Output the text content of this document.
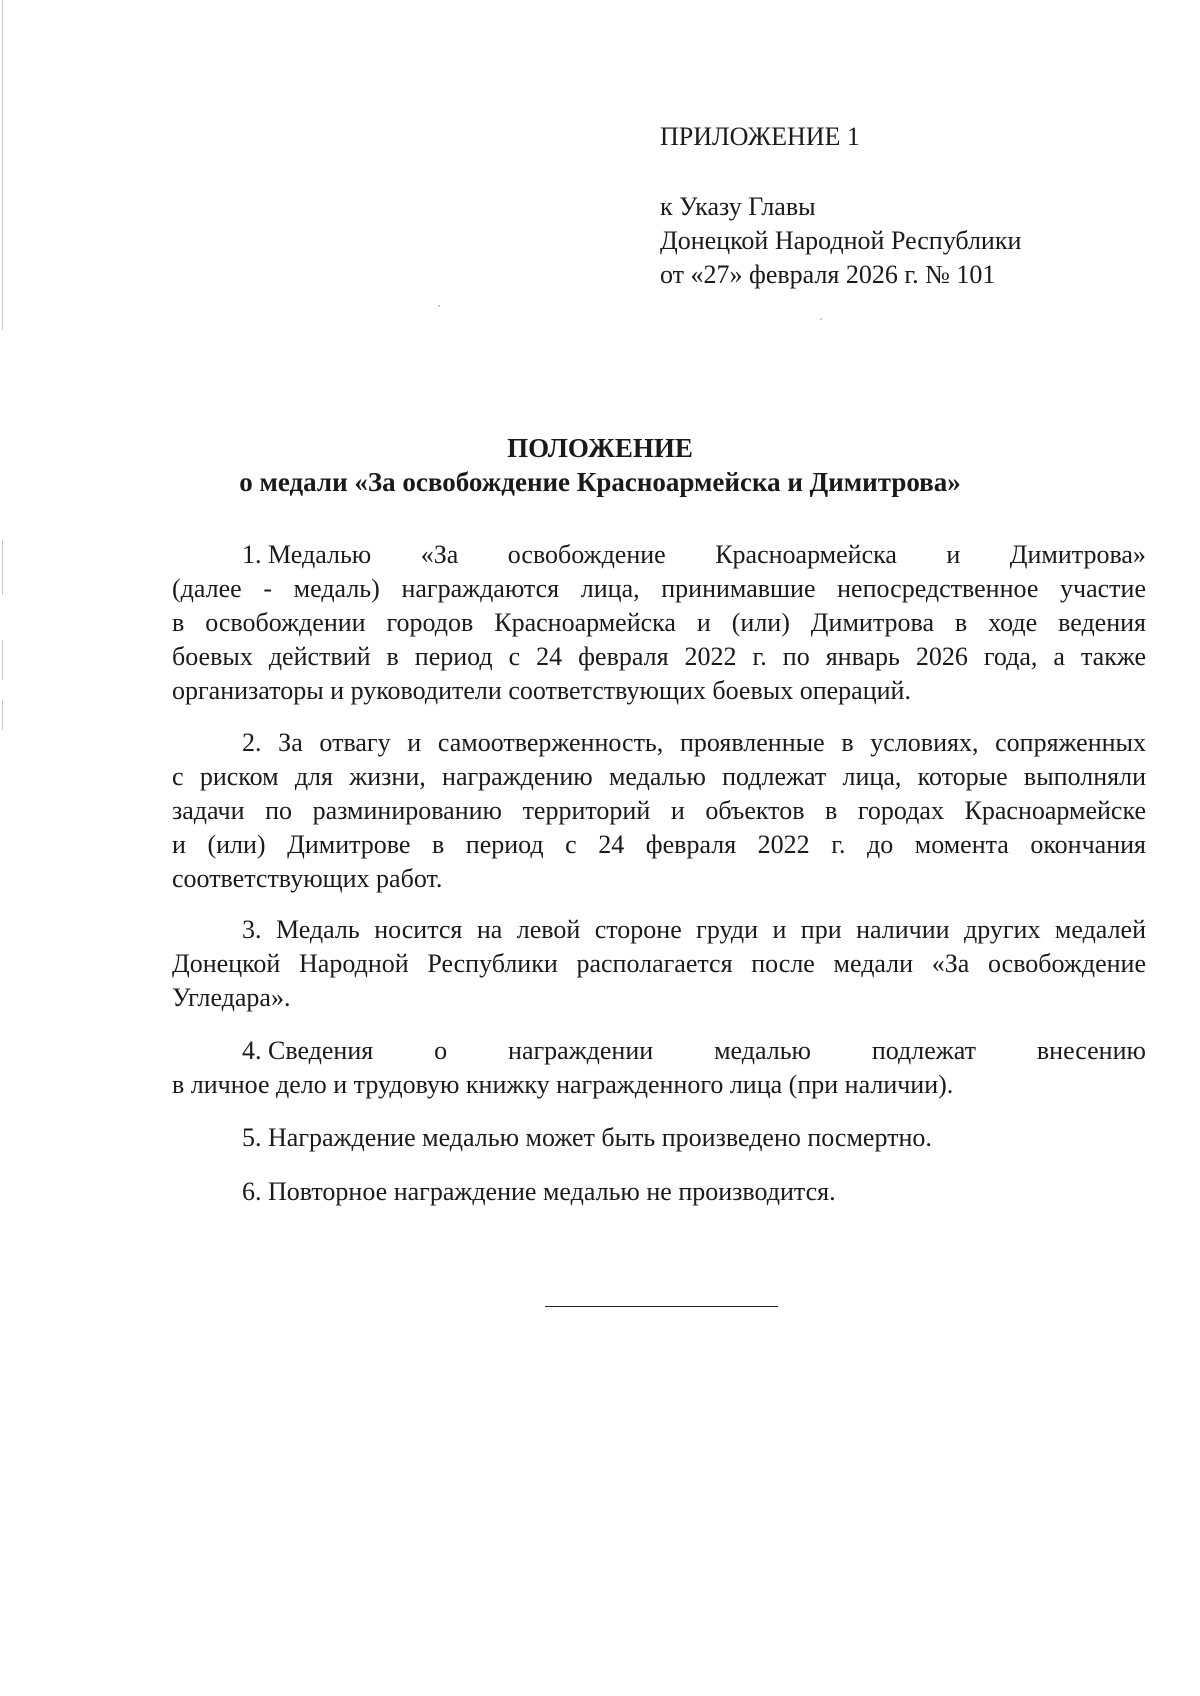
ПРИЛОЖЕНИЕ 1
к Указу Главы
Донецкой Народной Республики
от «27» февраля 2026 г. № 101
ПОЛОЖЕНИЕ
о медали «За освобождение Красноармейска и Димитрова»
1. Медалью «За освобождение Красноармейска и Димитрова»
(далее - медаль) награждаются лица, принимавшие непосредственное участие
в освобождении городов Красноармейска и (или) Димитрова в ходе ведения
боевых действий в период с 24 февраля 2022 г. по январь 2026 года, а также
организаторы и руководители соответствующих боевых операций.
2. За отвагу и самоотверженность, проявленные в условиях, сопряженных
с риском для жизни, награждению медалью подлежат лица, которые выполняли
задачи по разминированию территорий и объектов в городах Красноармейске
и (или) Димитрове в период с 24 февраля 2022 г. до момента окончания
соответствующих работ.
3. Медаль носится на левой стороне груди и при наличии других медалей
Донецкой Народной Республики располагается после медали «За освобождение
Угледара».
4. Сведения о награждении медалью подлежат внесению
в личное дело и трудовую книжку награжденного лица (при наличии).
5. Награждение медалью может быть произведено посмертно.
6. Повторное награждение медалью не производится.
